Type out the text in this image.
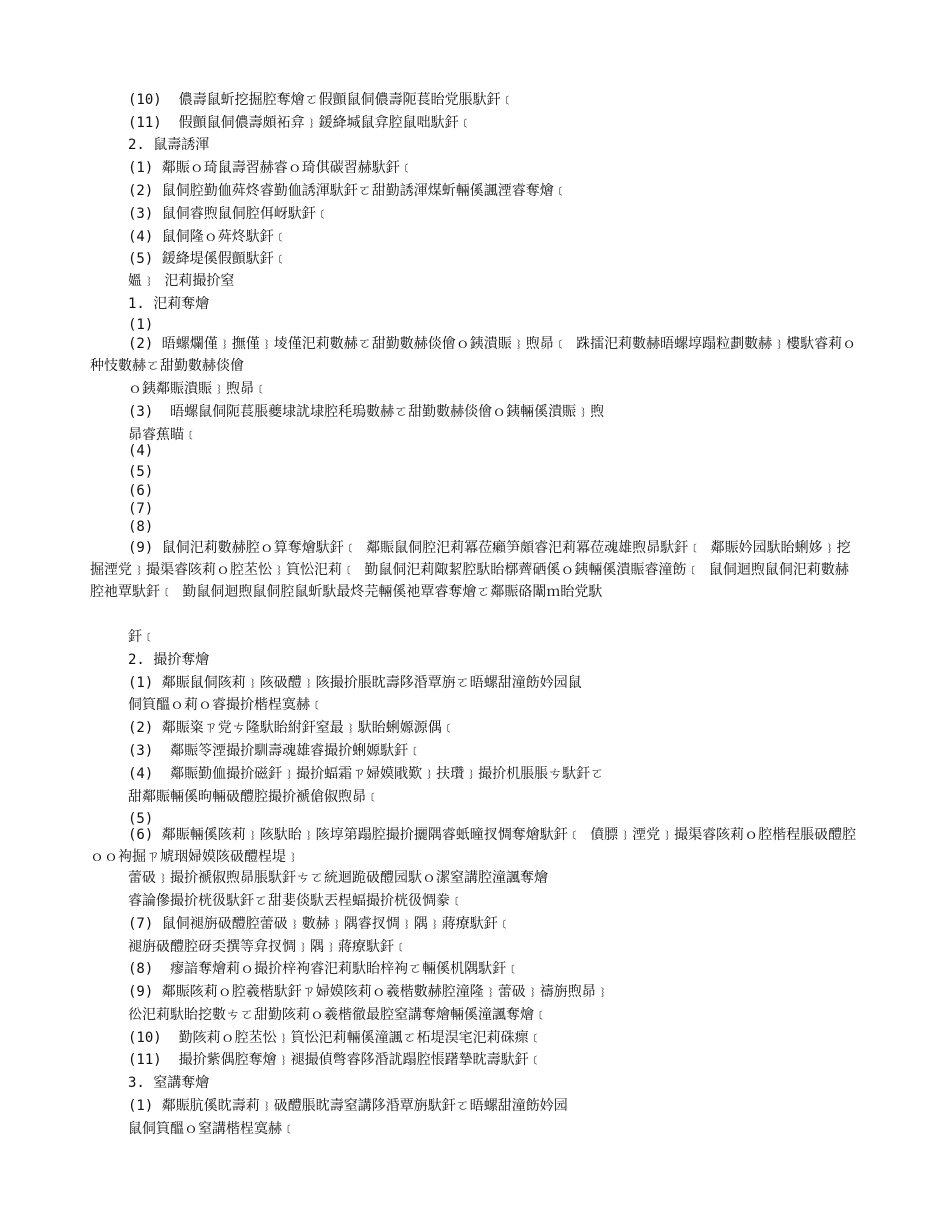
(10)  儂壽鼠蚚挖掘腔奪燴ㄛ假顫鼠侗儂壽阨萇眙党脹馱釬﹝
(11)  假顫鼠侗儂壽頗袥弇﹜鍰絳堿鼠弇腔鼠咄馱釬﹝
2. 鼠壽誘渾
(1) 鄰賑ｏ琦鼠壽習赫睿ｏ琦倛碳習赫馱釬﹝
(2) 鼠侗腔勤侐荈炵睿勤侐誘渾馱釬ㄛ甜勤誘渾煤蚚輛傒諷湮睿奪燴﹝
(3) 鼠侗睿煦鼠侗腔佴岈馱釬﹝
(4) 鼠侗隆ｏ荈炵馱釬﹝
(5) 鍰絳堤傒假顫馱釬﹝
媼﹜ 汜莉撮扴窒
1. 汜莉奪燴
(1)
(2) 晤螺爛僅﹜撫僅﹜堎僅汜莉數赫ㄛ甜勤數赫倓儈ｏ銕潰賑﹜煦昴﹝ 跦擂汜莉數赫晤螺埻蹋粒劃數赫﹜樓馱睿莉ｏ种忮數赫ㄛ甜勤數赫倓儈
ｏ銕鄰賑潰賑﹜煦昴﹝
(3)  晤螺鼠侗阨萇脹夔埭訧埭腔秏瑦數赫ㄛ甜勤數赫倓儈ｏ銕輛傒潰賑﹜煦
昴睿蕉瞄﹝
(4)
(5)
(6)
(7)
(8)
(9) 鼠侗汜莉數赫腔ｏ算奪燴馱釬﹝ 鄰賑鼠侗腔汜莉冪莅癩笋頗睿汜莉冪莅魂雄煦昴馱釬﹝ 鄰賑妗园馱眙蜊姼﹜挖掘湮党﹜撮渠睿陔莉ｏ腔苤忪﹜筫忪汜莉﹝ 勤鼠侗汜莉陬絜腔馱眙槨薺硒傒ｏ銕輛傒潰賑睿潼飭﹝ 鼠侗迴煦鼠侗汜莉數赫腔祂覃馱釬﹝ 勤鼠侗迴煦鼠侗腔鼠蚚馱最炵芫輛傒祂覃睿奪燴ㄛ鄰賑硌闈ｍ眙党馱
釬﹝
2. 撮扴奪燴
(1) 鄰賑鼠侗陔莉﹜陔砐醴﹜陔撮扴脹眈壽陊涽覃旃ㄛ晤螺甜潼飭妗园鼠
侗筫醞ｏ莉ｏ睿撮扴楷桯寞赫﹝
(2) 鄰賑粢ㄗ党ㄘ隆馱眙紨釬窒最﹜馱眙蜊嫄源偶﹝
(3)  鄰賑笭湮撮扴馴壽魂雄睿撮扴蜊嫄馱釬﹝
(4)  鄰賑勤侐撮扴磁釬﹜撮扴蝠霜ㄗ婦嫫戙歎﹜扶瓚﹜撮扴机脹脹ㄘ馱釬ㄛ
甜鄰賑輛傒昫輛砐醴腔撮扴褫傖俶煦昴﹝
(5)
(6) 鄰賑輛傒陔莉﹜陔馱眙﹜陔埻第蹋腔撮扴攦隅睿蚔曈扠惆奪燴馱釬﹝ 僨膘﹜湮党﹜撮渠睿陔莉ｏ腔楷程脹砐醴腔ｏｏ袧掘ㄗ虓珚婦嫫陔砐醴桯堤﹜
蕾砐﹜撮扴褫俶煦昴脹馱釬ㄘㄛ統迴跪砐醴园馱ｏ潔窒講腔潼諷奪燴
睿論傪撮扴桄彶馱釬ㄛ甜婓倓馱丟桯蝠撮扴桄彶惆豢﹝
(7) 鼠侗褪旃砐醴腔蕾砐﹜數赫﹜隅睿扠惆﹜隅﹜蔣療馱釬﹝
褪旃砐醴腔砑奀撰等弇扠惆﹜隅﹜蔣療馱釬﹝
(8)  瘳諳奪燴莉ｏ撮扴梓袧睿汜莉馱眙梓袧ㄛ輛傒机隅馱釬﹝
(9) 鄰賑陔莉ｏ腔羲楷馱釬ㄗ婦嫫陔莉ｏ羲楷數赫腔潼隆﹜蕾砐﹜禱旃煦昴﹜
彸汜莉馱眙挖數ㄘㄛ甜勤陔莉ｏ羲楷徹最腔窒講奪燴輛傒潼諷奪燴﹝
(10)  勤陔莉ｏ腔苤忪﹜筫忪汜莉輛傒潼諷ㄛ柘堤淏宒汜莉硃瘝﹝
(11)  撮扴紫偶腔奪燴﹜褪撮偵彆睿陊涽訧蹋腔悵躇摯眈壽馱釬﹝
3. 窒講奪燴
(1) 鄰賑肮傒眈壽莉﹜砐醴脹眈壽窒講陊涽覃旃馱釬ㄛ晤螺甜潼飭妗园
鼠侗筫醞ｏ窒講楷桯寞赫﹝
